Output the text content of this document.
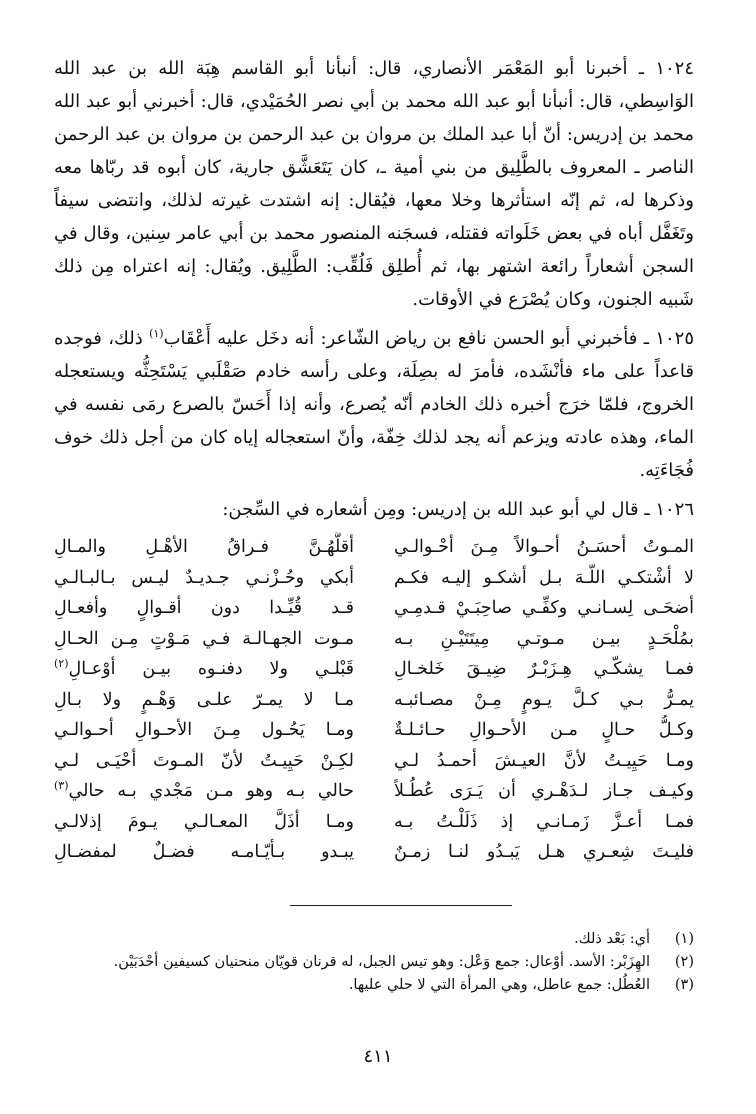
١٠٢٤ ـ أخبرنا أبو المَعْمَر الأنصاري، قال: أنبأنا أبو القاسم هِبَة الله بن عبد الله الوَاسِطي، قال: أنبأنا أبو عبد الله محمد بن أبي نصر الحُمَيْدي، قال: أخبرني أبو عبد الله محمد بن إدريس: أنّ أبا عبد الملك بن مروان بن عبد الرحمن بن مروان بن عبد الرحمن الناصر ـ المعروف بالطَّلِيق من بني أمية ـ، كان يَتَعَشَّق جارية، كان أبوه قد ربّاها معه وذكرها له، ثم إنّه استأثرها وخلا معها، فيُقال: إنه اشتدت غيرته لذلك، وانتضى سيفاً وتَغَفَّل أباه في بعض خَلَواته فقتله، فسجَنه المنصور محمد بن أبي عامر سِنين، وقال في السجن أشعاراً رائعة اشتهر بها، ثم أُطلِق فَلُقِّب: الطَّلِيق. ويُقال: إنه اعتراه مِن ذلك شَبيه الجنون، وكان يُصْرَع في الأوقات.

١٠٢٥ ـ فأخبرني أبو الحسن نافع بن رياض الشّاعر: أنه دخَل عليه أَعْقَاب$^{(١)}$ ذلك، فوجده قاعداً على ماء فأنْشَده، فأمرَ له بصِلَة، وعلى رأسه خادم صَقْلَبي يَسْتَحِثُّه ويستعجله الخروج، فلمّا خرَج أخبره ذلك الخادم أنّه يُصرع، وأنه إذا أَحَسّ بالصرع رمَى نفسه في الماء، وهذه عادته ويزعم أنه يجد لذلك خِفّة، وأنّ استعجاله إياه كان من أجل ذلك خوف فُجَاءَتِه.

١٠٢٦ ـ قال لي أبو عبد الله بن إدريس: ومِن أشعاره في السِّجن:

المـوتُ أحسَـنُ أحـوالاً مِـنَ أحْـوالـي
لا أشْتكـي اللّـهَ بـل أشكـو إليـه فكـم
أضحَـى لِسـانـي وكفِّـي صاحِبَـيْ قـدمِـي
بمُلْحَـدٍ بيـن مـوتـي مِيتَتَيْـنِ بـه
فمـا يشكّـي هِـزَبْـرٌ ضِيـقَ خَلخـالِ
يمـرُّ بـي كـلَّ يـومٍ مِـنْ مصـائبـه
وكـلُّ حـالٍ مـن الأحـوالِ حـائـلـةٌ
ومـا حَيِيـتُ لأنَّ العيـشَ أحمـدُ لـي
وكيـف جـاز لـدَهْـري أن يَـرَى عُطُـلاً
فمـا أعـزَّ زَمـانـي إذ ذَلَلْـتُ بـه
فليـتَ شِعـري هـل يَبـدُو لنـا زمـنٌ
أقلُّهُـنَّ فـراقُ الأهْـلِ والمـالِ
أبكي وحُـزْنـي جـديـدٌ ليـس بـالبـالـي
قـد قُيِّـدا دون أقـوالٍ وأفعـالِ
مـوت الجهـالـة فـي مَـوْتٍ مِـن الحـالِ
قَبْلـي ولا دفنـوه بيـن أوْعـالِ$^{(٢)}$
مـا لا يمـرّ علـى وَهْـمٍ ولا بـالِ
ومـا يَحُـول مِـنَ الأحـوالِ أحـوالـي
لكِـنْ حَيِيـتُ لأنّ المـوتَ أحْيَـى لـي
حالي بـه وهو مـن مَجْدي بـه حالي$^{(٣)}$
ومـا أذَلَّ المعـالـي يـومَ إذلالـي
يبـدو بـأيّـامـه فضـلٌ لمفضـالِ
(١)
أي: بَعْد ذلك.
(٢)
الهِزَبْر: الأسد. أوْعال: جمع وَعْل: وهو تيس الجبل، له قرنان قويّان منحنيان كسيفين أحْدَبَيْن.
(٣)
العُطُل: جمع عاطل، وهي المرأة التي لا حلي عليها.
٤١١
